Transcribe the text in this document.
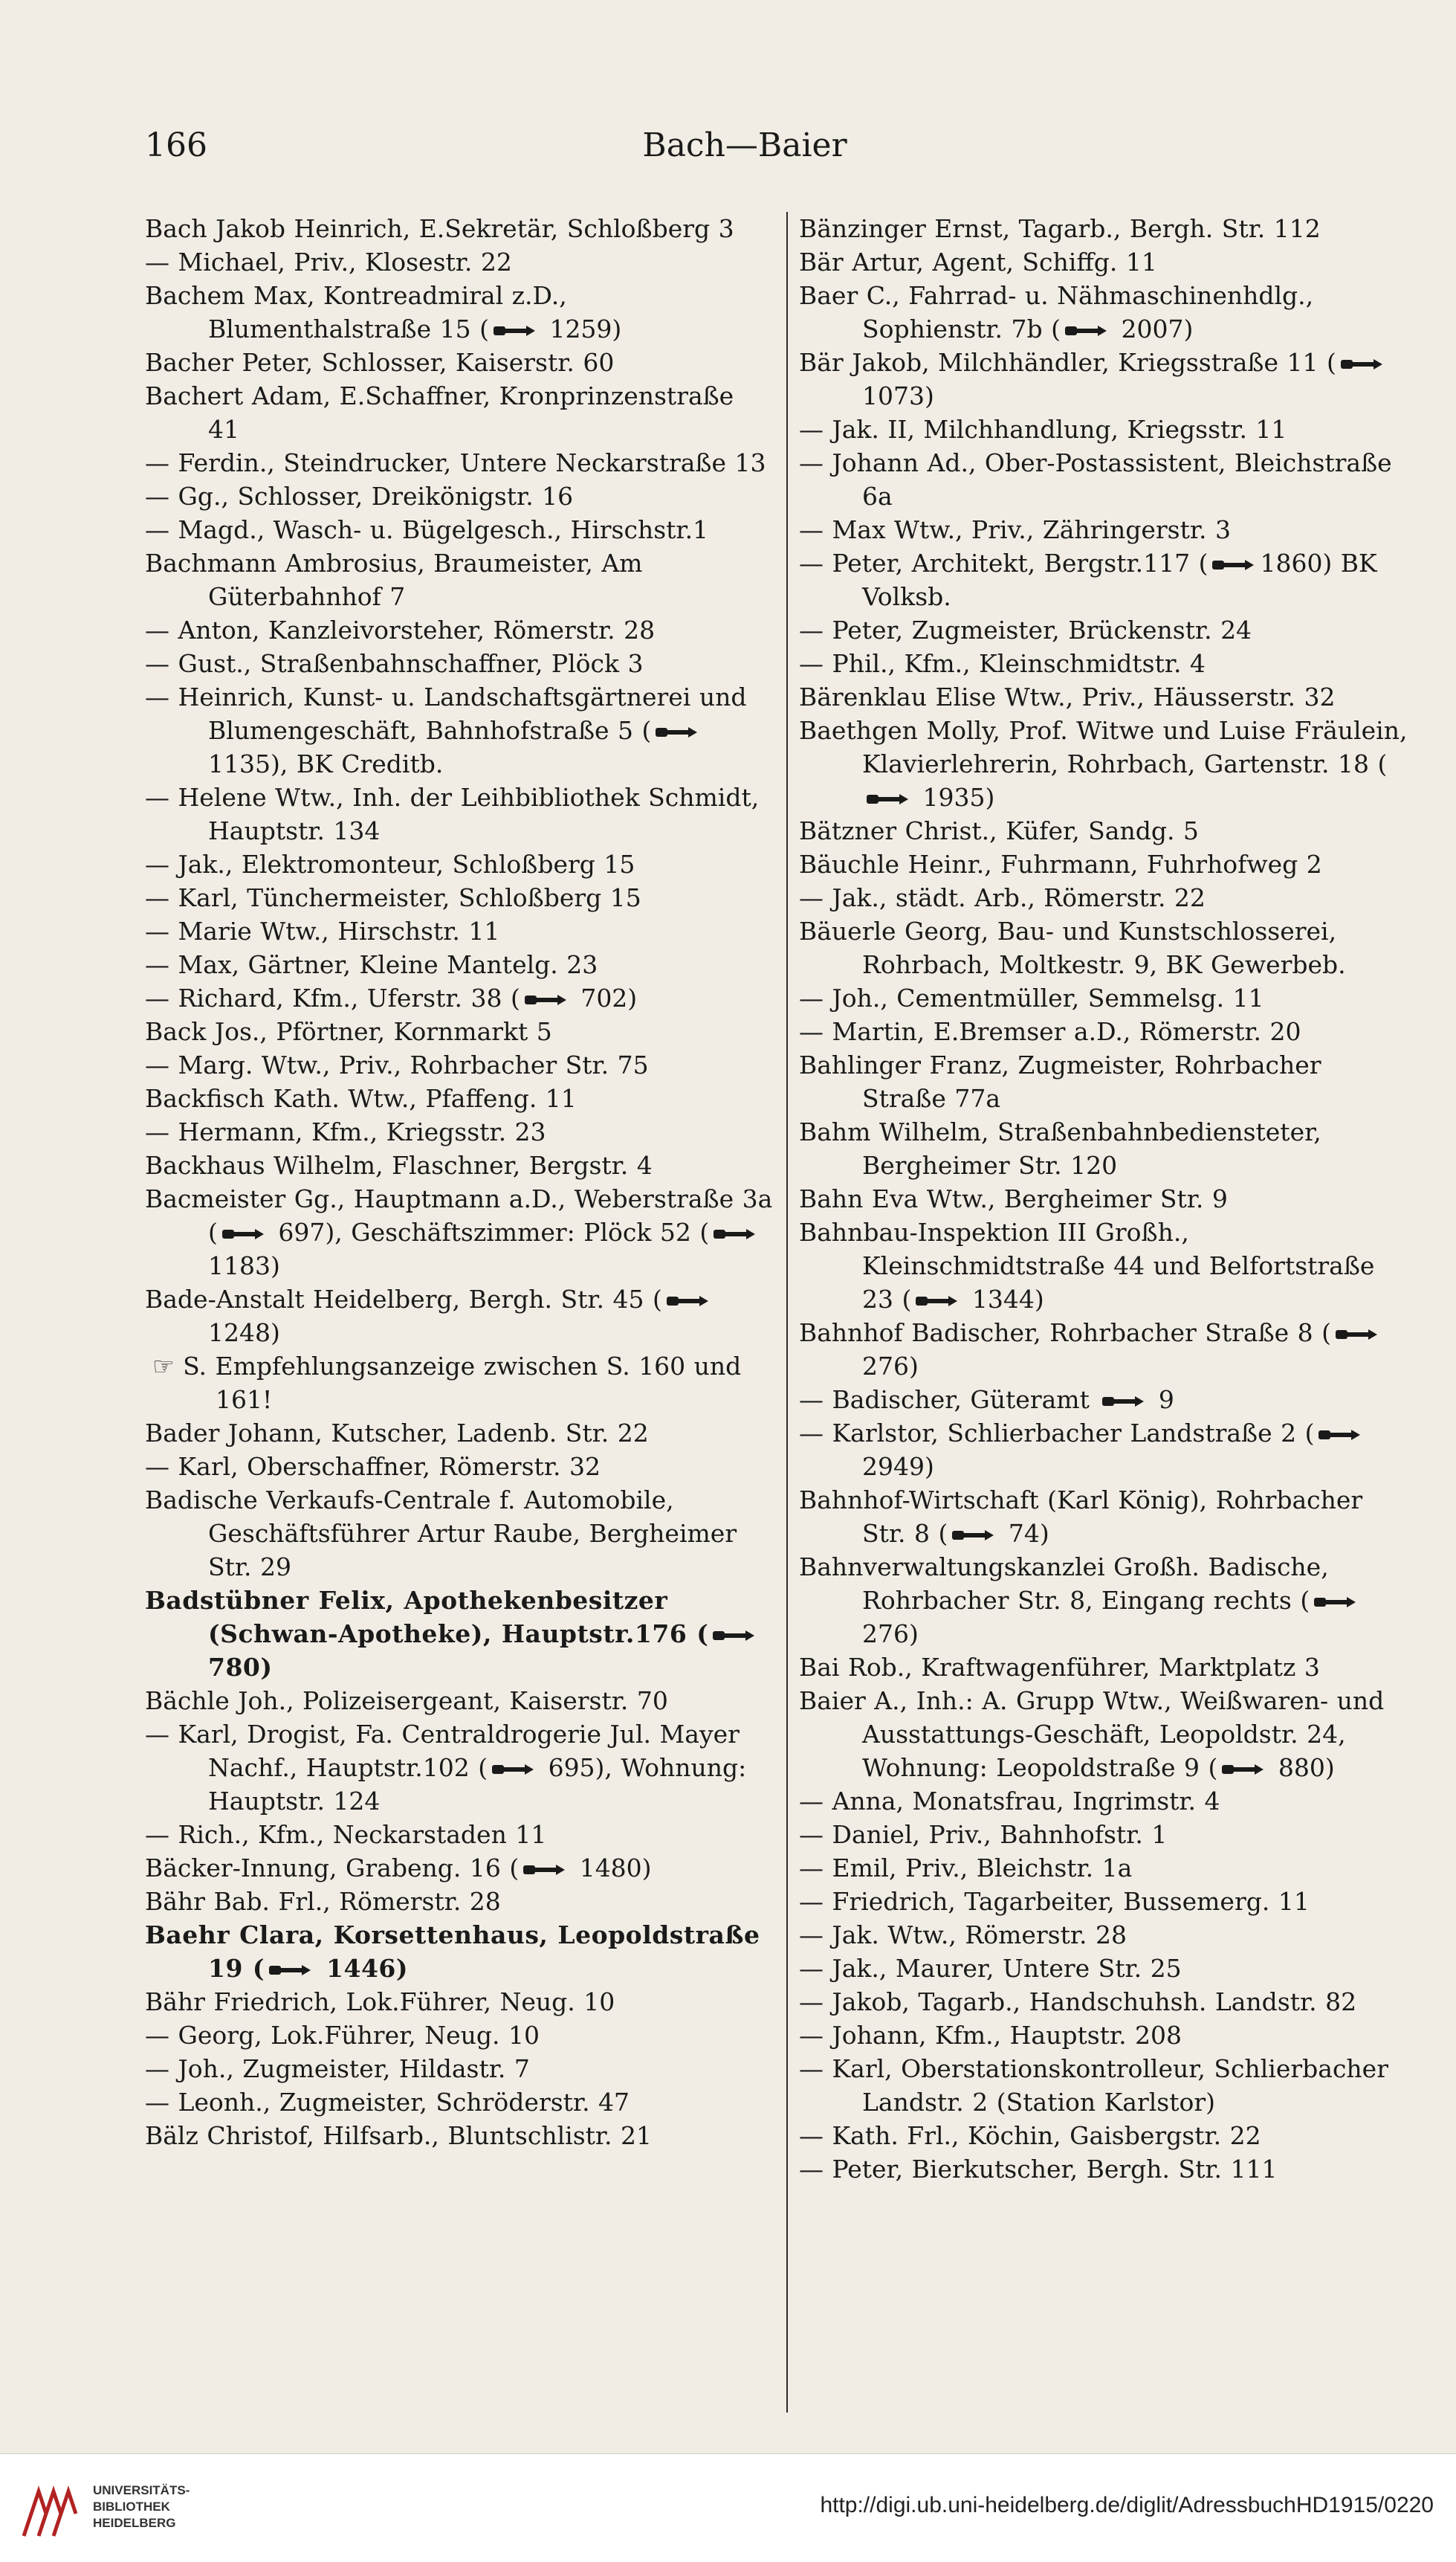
166	Bach—Baier
Bach Jakob Heinrich, E.Sekretär, Schloßberg 3
— Michael, Priv., Klosestr. 22
Bachem Max, Kontreadmiral z.D., Blumenthalstraße 15 (
1259)
Bacher Peter, Schlosser, Kaiserstr. 60
Bachert Adam, E.Schaffner, Kronprinzenstraße 41
— Ferdin., Steindrucker, Untere Neckarstraße 13
— Gg., Schlosser, Dreikönigstr. 16
— Magd., Wasch- u. Bügelgesch., Hirschstr.1
Bachmann Ambrosius, Braumeister, Am Güterbahnhof 7
— Anton, Kanzleivorsteher, Römerstr. 28
— Gust., Straßenbahnschaffner, Plöck 3
— Heinrich, Kunst- u. Landschaftsgärtnerei und Blumengeschäft, Bahnhofstraße 5 (
1135), BK Creditb.
— Helene Wtw., Inh. der Leihbibliothek Schmidt, Hauptstr. 134
— Jak., Elektromonteur, Schloßberg 15
— Karl, Tünchermeister, Schloßberg 15
— Marie Wtw., Hirschstr. 11
— Max, Gärtner, Kleine Mantelg. 23
— Richard, Kfm., Uferstr. 38 (
702)
Back Jos., Pförtner, Kornmarkt 5
— Marg. Wtw., Priv., Rohrbacher Str. 75
Backfisch Kath. Wtw., Pfaffeng. 11
— Hermann, Kfm., Kriegsstr. 23
Backhaus Wilhelm, Flaschner, Bergstr. 4
Bacmeister Gg., Hauptmann a.D., Weberstraße 3a (
697), Geschäftszimmer: Plöck 52 (
1183)
Bade-Anstalt Heidelberg, Bergh. Str. 45 (
1248)
☞ S. Empfehlungsanzeige zwischen S. 160 und 161!
Bader Johann, Kutscher, Ladenb. Str. 22
— Karl, Oberschaffner, Römerstr. 32
Badische Verkaufs-Centrale f. Automobile, Geschäftsführer Artur Raube, Bergheimer Str. 29
Badstübner Felix, Apothekenbesitzer (Schwan-Apotheke), Hauptstr.176 (
780)
Bächle Joh., Polizeisergeant, Kaiserstr. 70
— Karl, Drogist, Fa. Centraldrogerie Jul. Mayer Nachf., Hauptstr.102 (
695), Wohnung: Hauptstr. 124
— Rich., Kfm., Neckarstaden 11
Bäcker-Innung, Grabeng. 16 (
1480)
Bähr Bab. Frl., Römerstr. 28
Baehr Clara, Korsettenhaus, Leopoldstraße 19 (
1446)
Bähr Friedrich, Lok.Führer, Neug. 10
— Georg, Lok.Führer, Neug. 10
— Joh., Zugmeister, Hildastr. 7
— Leonh., Zugmeister, Schröderstr. 47
Bälz Christof, Hilfsarb., Bluntschlistr. 21
Bänzinger Ernst, Tagarb., Bergh. Str. 112
Bär Artur, Agent, Schiffg. 11
Baer C., Fahrrad- u. Nähmaschinenhdlg., Sophienstr. 7b (
2007)
Bär Jakob, Milchhändler, Kriegsstraße 11 (
1073)
— Jak. II, Milchhandlung, Kriegsstr. 11
— Johann Ad., Ober-Postassistent, Bleichstraße 6a
— Max Wtw., Priv., Zähringerstr. 3
— Peter, Architekt, Bergstr.117 ( 1860) BK Volksb.
— Peter, Zugmeister, Brückenstr. 24
— Phil., Kfm., Kleinschmidtstr. 4
Bärenklau Elise Wtw., Priv., Häusserstr. 32
Baethgen Molly, Prof. Witwe und Luise Fräulein, Klavierlehrerin, Rohrbach, Gartenstr. 18 (
1935)
Bätzner Christ., Küfer, Sandg. 5
Bäuchle Heinr., Fuhrmann, Fuhrhofweg 2
— Jak., städt. Arb., Römerstr. 22
Bäuerle Georg, Bau- und Kunstschlosserei, Rohrbach, Moltkestr. 9, BK Gewerbeb.
— Joh., Cementmüller, Semmelsg. 11
— Martin, E.Bremser a.D., Römerstr. 20
Bahlinger Franz, Zugmeister, Rohrbacher Straße 77a
Bahm Wilhelm, Straßenbahnbediensteter, Bergheimer Str. 120
Bahn Eva Wtw., Bergheimer Str. 9
Bahnbau-Inspektion III Großh., Kleinschmidtstraße 44 und Belfortstraße 23 (
1344)
Bahnhof Badischer, Rohrbacher Straße 8 (
276)
— Badischer, Güteramt
9
— Karlstor, Schlierbacher Landstraße 2 (
2949)
Bahnhof-Wirtschaft (Karl König), Rohrbacher Str. 8 (
74)
Bahnverwaltungskanzlei Großh. Badische, Rohrbacher Str. 8, Eingang rechts (
276)
Bai Rob., Kraftwagenführer, Marktplatz 3
Baier A., Inh.: A. Grupp Wtw., Weißwaren- und Ausstattungs-Geschäft, Leopoldstr. 24, Wohnung: Leopoldstraße 9 (
880)
— Anna, Monatsfrau, Ingrimstr. 4
— Daniel, Priv., Bahnhofstr. 1
— Emil, Priv., Bleichstr. 1a
— Friedrich, Tagarbeiter, Bussemerg. 11
— Jak. Wtw., Römerstr. 28
— Jak., Maurer, Untere Str. 25
— Jakob, Tagarb., Handschuhsh. Landstr. 82
— Johann, Kfm., Hauptstr. 208
— Karl, Oberstationskontrolleur, Schlierbacher Landstr. 2 (Station Karlstor)
— Kath. Frl., Köchin, Gaisbergstr. 22
— Peter, Bierkutscher, Bergh. Str. 111
UNIVERSITÄTS-
BIBLIOTHEK
HEIDELBERG
http://digi.ub.uni-heidelberg.de/diglit/AdressbuchHD1915/0220
